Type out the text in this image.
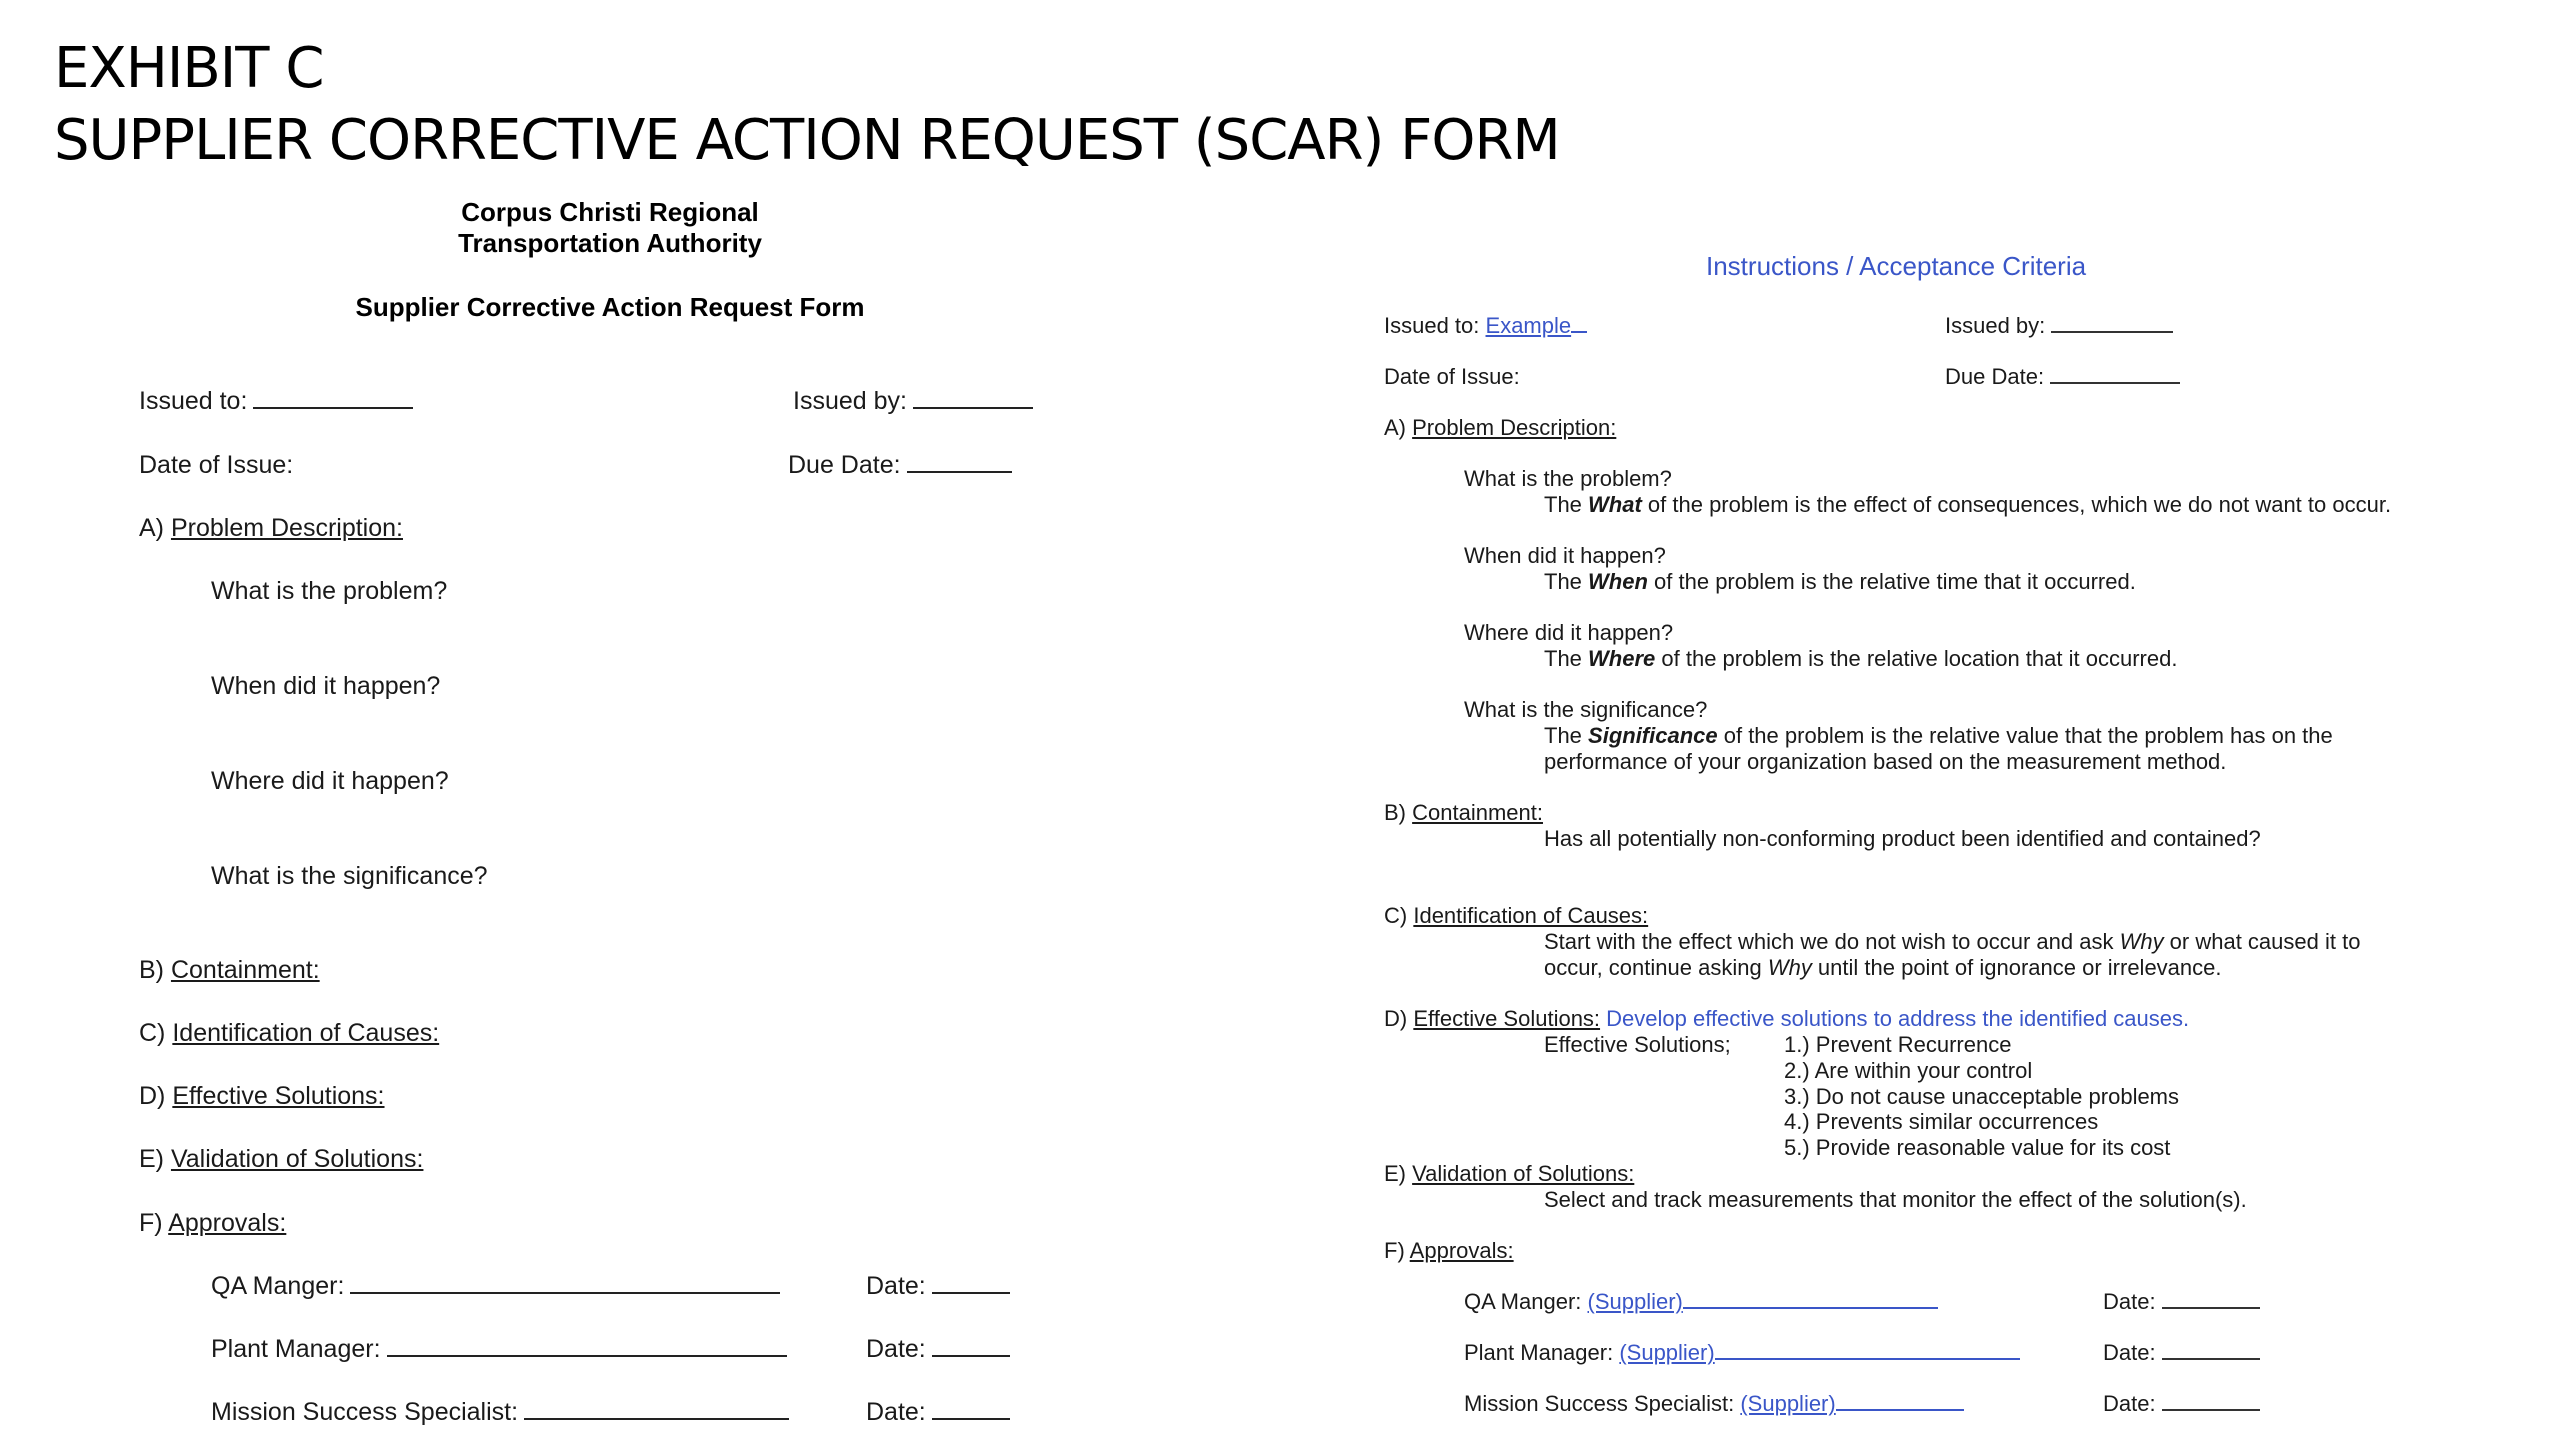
EXHIBIT C
SUPPLIER CORRECTIVE ACTION REQUEST (SCAR) FORM
Corpus Christi Regional
Transportation Authority
Supplier Corrective Action Request Form
Issued to:	Issued by:
Date of Issue:	Due Date:
A) Problem Description:
What is the problem?
When did it happen?
Where did it happen?
What is the significance?
B) Containment:
C) Identification of Causes:
D) Effective Solutions:
E) Validation of Solutions:
F) Approvals:
QA Manger:	Date:
Plant Manager:	Date:
Mission Success Specialist:	Date:
Instructions / Acceptance Criteria
Issued to: Example	Issued by:
Date of Issue:	Due Date:
A) Problem Description:
What is the problem?
The What of the problem is the effect of consequences, which we do not want to occur.
When did it happen?
The When of the problem is the relative time that it occurred.
Where did it happen?
The Where of the problem is the relative location that it occurred.
What is the significance?
The Significance of the problem is the relative value that the problem has on the
performance of your organization based on the measurement method.
B) Containment:
Has all potentially non-conforming product been identified and contained?
C) Identification of Causes:
Start with the effect which we do not wish to occur and ask Why or what caused it to
occur, continue asking Why until the point of ignorance or irrelevance.
D) Effective Solutions: Develop effective solutions to address the identified causes.
Effective Solutions; 1.) Prevent Recurrence
2.) Are within your control
3.) Do not cause unacceptable problems
4.) Prevents similar occurrences
5.) Provide reasonable value for its cost
E) Validation of Solutions:
Select and track measurements that monitor the effect of the solution(s).
F) Approvals:
QA Manger: (Supplier)	Date:
Plant Manager: (Supplier)	Date:
Mission Success Specialist: (Supplier)	Date:
